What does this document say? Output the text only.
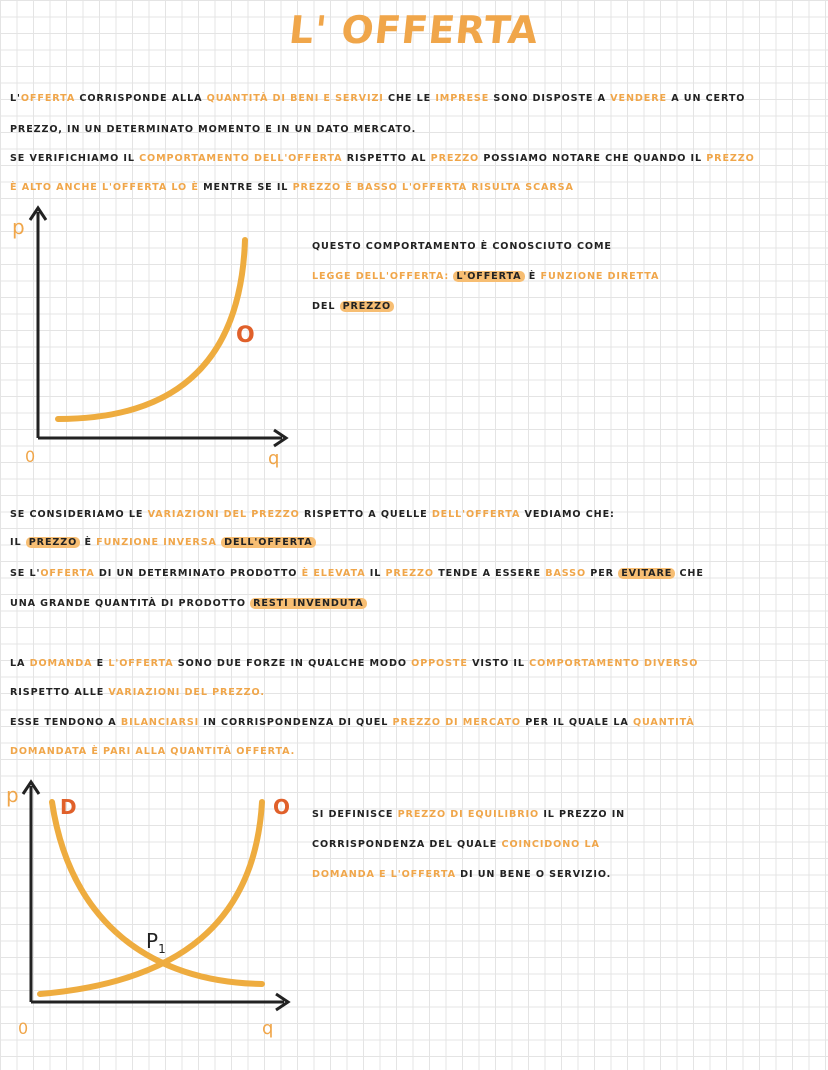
L' OFFERTA
L'OFFERTA CORRISPONDE ALLA QUANTITÀ DI BENI E SERVIZI CHE LE IMPRESE SONO DISPOSTE A VENDERE A UN CERTO
PREZZO, IN UN DETERMINATO MOMENTO E IN UN DATO MERCATO.
SE VERIFICHIAMO IL COMPORTAMENTO DELL'OFFERTA RISPETTO AL PREZZO POSSIAMO NOTARE CHE QUANDO IL PREZZO
È ALTO ANCHE L'OFFERTA LO È MENTRE SE IL PREZZO È BASSO L'OFFERTA RISULTA SCARSA
p
q
0
O
QUESTO COMPORTAMENTO È CONOSCIUTO COME
LEGGE DELL'OFFERTA: L'OFFERTA È FUNZIONE DIRETTA
DEL PREZZO
SE CONSIDERIAMO LE VARIAZIONI DEL PREZZO RISPETTO A QUELLE DELL'OFFERTA VEDIAMO CHE:
IL PREZZO È FUNZIONE INVERSA DELL'OFFERTA
SE L'OFFERTA DI UN DETERMINATO PRODOTTO È ELEVATA IL PREZZO TENDE A ESSERE BASSO PER EVITARE CHE
UNA GRANDE QUANTITÀ DI PRODOTTO RESTI INVENDUTA
LA DOMANDA E L'OFFERTA SONO DUE FORZE IN QUALCHE MODO OPPOSTE VISTO IL COMPORTAMENTO DIVERSO
RISPETTO ALLE VARIAZIONI DEL PREZZO.
ESSE TENDONO A BILANCIARSI IN CORRISPONDENZA DI QUEL PREZZO DI MERCATO PER IL QUALE LA QUANTITÀ
DOMANDATA È PARI ALLA QUANTITÀ OFFERTA.
p
q
0
D	O
$P_1$
SI DEFINISCE PREZZO DI EQUILIBRIO IL PREZZO IN
CORRISPONDENZA DEL QUALE COINCIDONO LA
DOMANDA E L'OFFERTA DI UN BENE O SERVIZIO.
